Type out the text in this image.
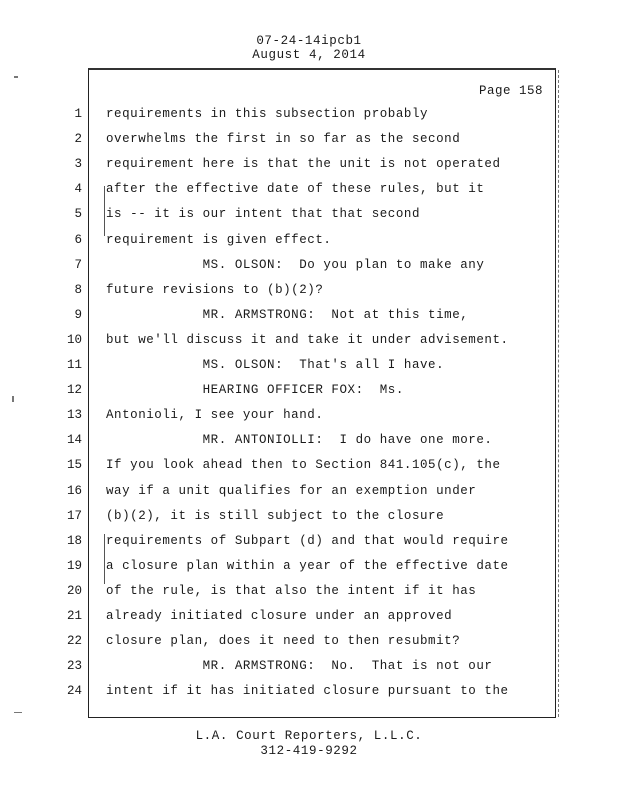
07-24-14ipcb1
August 4, 2014
Page 158
1 requirements in this subsection probably
2 overwhelms the first in so far as the second
3 requirement here is that the unit is not operated
4 after the effective date of these rules, but it
5 is -- it is our intent that that second
6 requirement is given effect.
7 MS. OLSON:  Do you plan to make any
8 future revisions to (b)(2)?
9 MR. ARMSTRONG:  Not at this time,
10 but we'll discuss it and take it under advisement.
11 MS. OLSON:  That's all I have.
12 HEARING OFFICER FOX:  Ms.
13 Antonioli, I see your hand.
14 MR. ANTONIOLLI:  I do have one more.
15 If you look ahead then to Section 841.105(c), the
16 way if a unit qualifies for an exemption under
17 (b)(2), it is still subject to the closure
18 requirements of Subpart (d) and that would require
19 a closure plan within a year of the effective date
20 of the rule, is that also the intent if it has
21 already initiated closure under an approved
22 closure plan, does it need to then resubmit?
23 MR. ARMSTRONG:  No.  That is not our
24 intent if it has initiated closure pursuant to the
L.A. Court Reporters, L.L.C.
312-419-9292
